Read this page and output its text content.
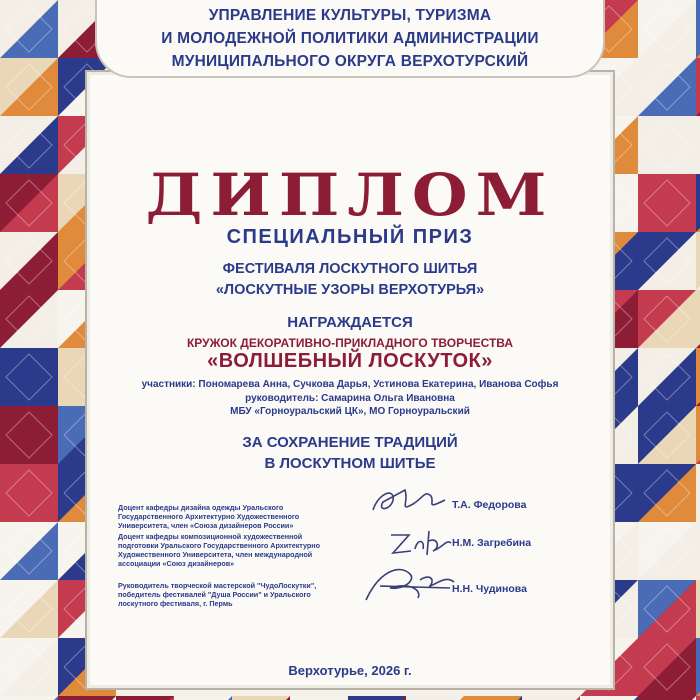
УПРАВЛЕНИЕ КУЛЬТУРЫ, ТУРИЗМА
И МОЛОДЕЖНОЙ ПОЛИТИКИ АДМИНИСТРАЦИИ
МУНИЦИПАЛЬНОГО ОКРУГА ВЕРХОТУРСКИЙ
ДИПЛОМ
СПЕЦИАЛЬНЫЙ ПРИЗ
ФЕСТИВАЛЯ ЛОСКУТНОГО ШИТЬЯ
«ЛОСКУТНЫЕ УЗОРЫ ВЕРХОТУРЬЯ»
НАГРАЖДАЕТСЯ
КРУЖОК ДЕКОРАТИВНО-ПРИКЛАДНОГО ТВОРЧЕСТВА
«ВОЛШЕБНЫЙ ЛОСКУТОК»
участники: Пономарева Анна, Сучкова Дарья, Устинова Екатерина, Иванова Софья
руководитель: Самарина Ольга Ивановна
МБУ «Горноуральский ЦК», МО Горноуральский
ЗА СОХРАНЕНИЕ ТРАДИЦИЙ
В ЛОСКУТНОМ ШИТЬЕ
Доцент кафедры дизайна одежды Уральского
Государственного Архитектурно Художественного
Университета, член «Союза дизайнеров России»
Т.А. Федорова
Доцент кафедры композиционной художественной
подготовки Уральского Государственного Архитектурно
Художественного Университета, член международной
ассоциации «Союз дизайнеров»
Н.М. Загребина
Руководитель творческой мастерской "ЧудоЛоскутки",
победитель фестивалей "Душа России" и Уральского
лоскутного фестиваля, г. Пермь
Н.Н. Чудинова
Верхотурье, 2026 г.
